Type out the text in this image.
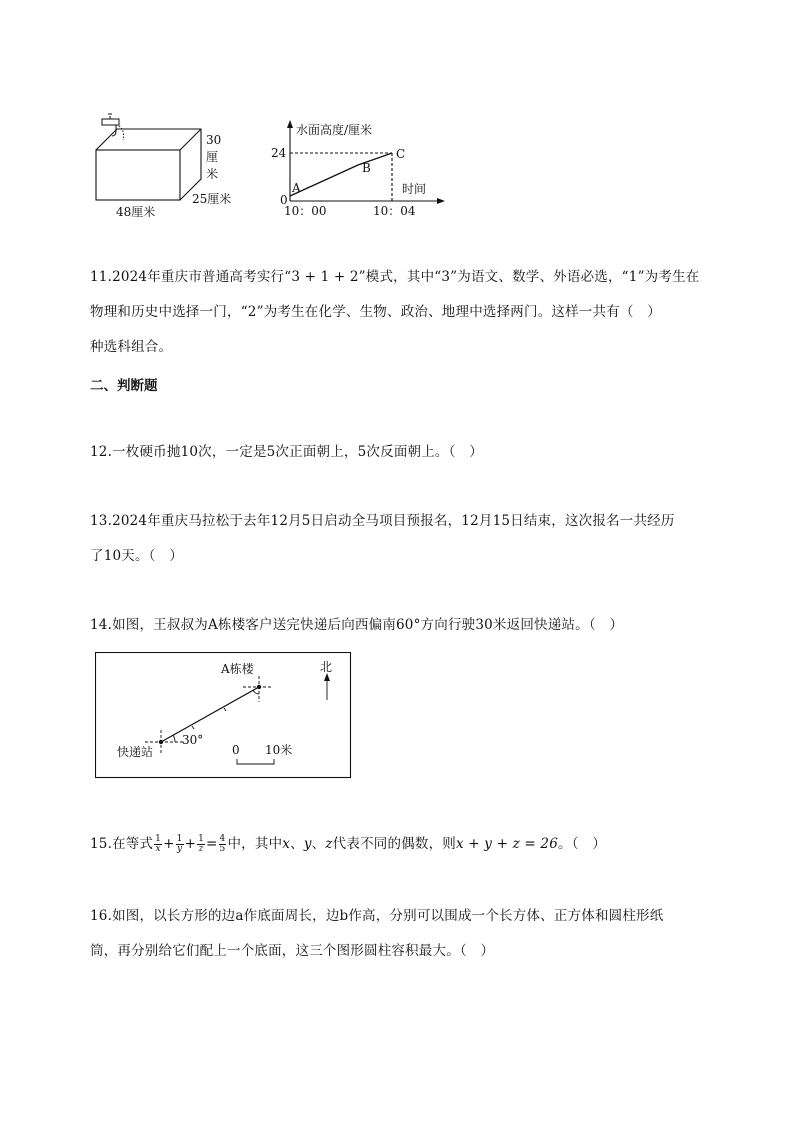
30
厘
米
25厘米
48厘米
水面高度/厘米
24
0
A
B
C
时间
10：00	10：04
11.2024年重庆市普通高考实行“3 + 1 + 2”模式，其中“3”为语文、数学、外语必选，“1”为考生在
物理和历史中选择一门，“2”为考生在化学、生物、政治、地理中选择两门。这样一共有（　）
种选科组合。
二、判断题
12.一枚硬币抛10次，一定是5次正面朝上，5次反面朝上。（　）
13.2024年重庆马拉松于去年12月5日启动全马项目预报名，12月15日结束，这次报名一共经历
了10天。（　）
14.如图，王叔叔为A栋楼客户送完快递后向西偏南60°方向行驶30米返回快递站。（　）
A栋楼	北
快递站
30°
0 10米
15.在等式 $\frac{1}{x} + \frac{1}{y} + \frac{1}{z} = \frac{4}{5}$ 中，其中x、y、z代表不同的偶数，则x + y + z = 26。（　）
16.如图，以长方形的边a作底面周长，边b作高，分别可以围成一个长方体、正方体和圆柱形纸
筒，再分别给它们配上一个底面，这三个图形圆柱容积最大。（　）
